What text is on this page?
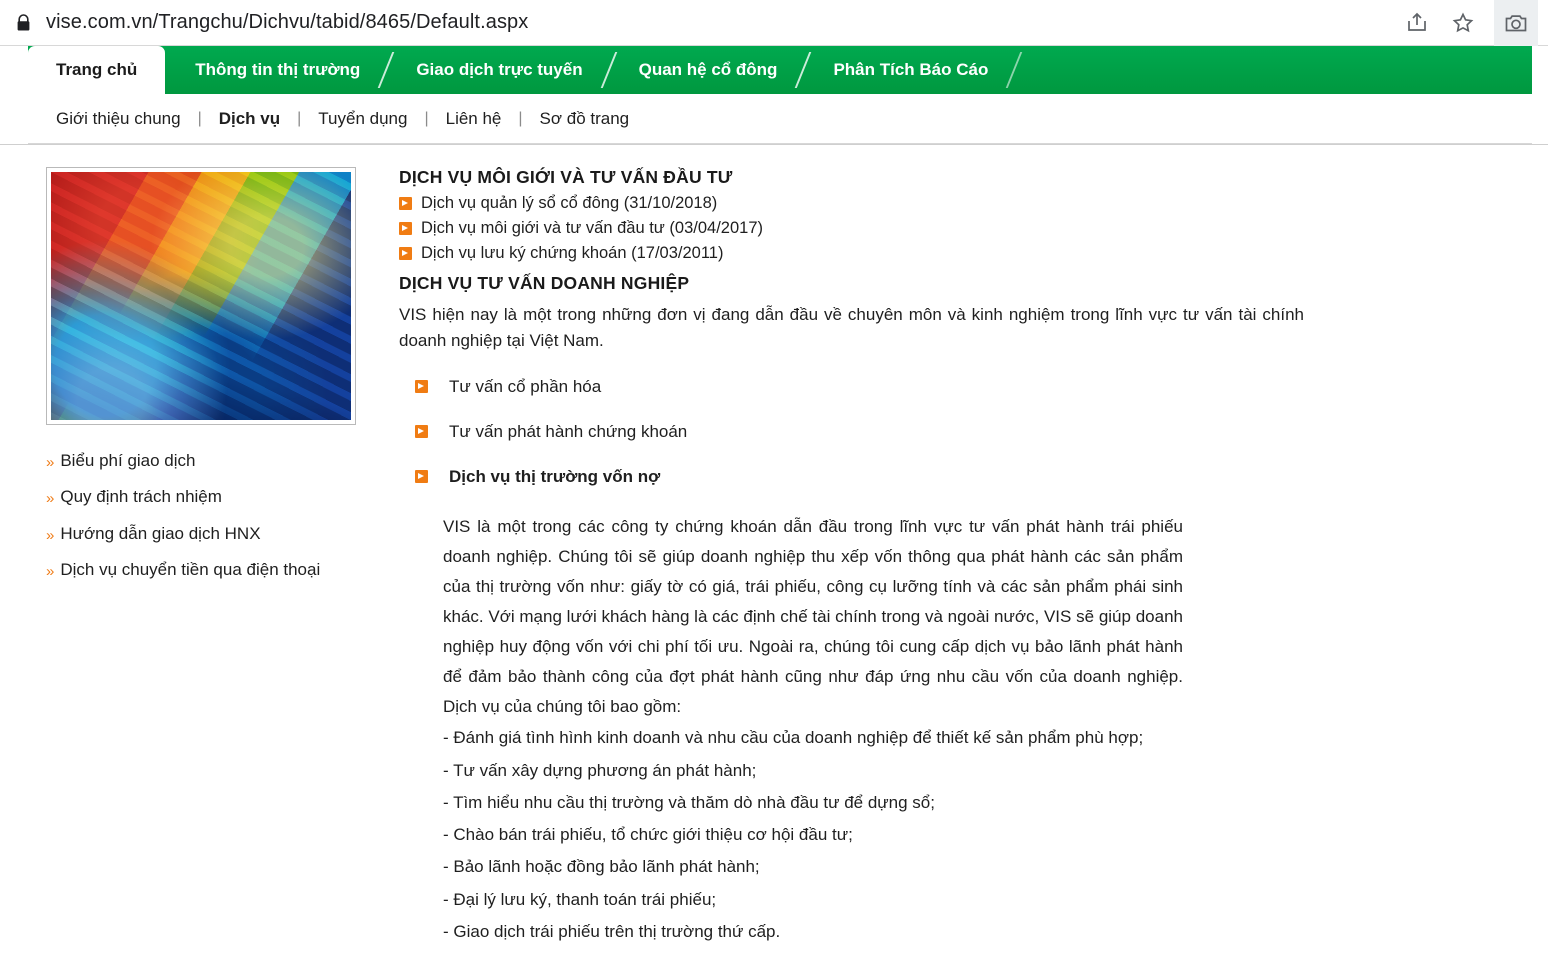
vise.com.vn/Trangchu/Dichvu/tabid/8465/Default.aspx
Trang chủ	Thông tin thị trường	Giao dịch trực tuyến	Quan hệ cổ đông	Phân Tích Báo Cáo
Giới thiệu chung | Dịch vụ | Tuyển dụng | Liên hệ | Sơ đồ trang
» Biểu phí giao dịch
» Quy định trách nhiệm
» Hướng dẫn giao dịch HNX
» Dịch vụ chuyển tiền qua điện thoại
DỊCH VỤ MÔI GIỚI VÀ TƯ VẤN ĐẦU TƯ
Dịch vụ quản lý sổ cổ đông (31/10/2018)
Dịch vụ môi giới và tư vấn đầu tư (03/04/2017)
Dịch vụ lưu ký chứng khoán (17/03/2011)
DỊCH VỤ TƯ VẤN DOANH NGHIỆP

VIS hiện nay là một trong những đơn vị đang dẫn đầu về chuyên môn và kinh nghiệm trong lĩnh vực tư vấn tài chính doanh nghiệp tại Việt Nam.

Tư vấn cổ phần hóa
Tư vấn phát hành chứng khoán
Dịch vụ thị trường vốn nợ

VIS là một trong các công ty chứng khoán dẫn đầu trong lĩnh vực tư vấn phát hành trái phiếu doanh nghiệp. Chúng tôi sẽ giúp doanh nghiệp thu xếp vốn thông qua phát hành các sản phẩm của thị trường vốn như: giấy tờ có giá, trái phiếu, công cụ lưỡng tính và các sản phẩm phái sinh khác. Với mạng lưới khách hàng là các định chế tài chính trong và ngoài nước, VIS sẽ giúp doanh nghiệp huy động vốn với chi phí tối ưu. Ngoài ra, chúng tôi cung cấp dịch vụ bảo lãnh phát hành để đảm bảo thành công của đợt phát hành cũng như đáp ứng nhu cầu vốn của doanh nghiệp. Dịch vụ của chúng tôi bao gồm:

- Đánh giá tình hình kinh doanh và nhu cầu của doanh nghiệp để thiết kế sản phẩm phù hợp;
- Tư vấn xây dựng phương án phát hành;
- Tìm hiểu nhu cầu thị trường và thăm dò nhà đầu tư để dựng sổ;
- Chào bán trái phiếu, tổ chức giới thiệu cơ hội đầu tư;
- Bảo lãnh hoặc đồng bảo lãnh phát hành;
- Đại lý lưu ký, thanh toán trái phiếu;
- Giao dịch trái phiếu trên thị trường thứ cấp.
